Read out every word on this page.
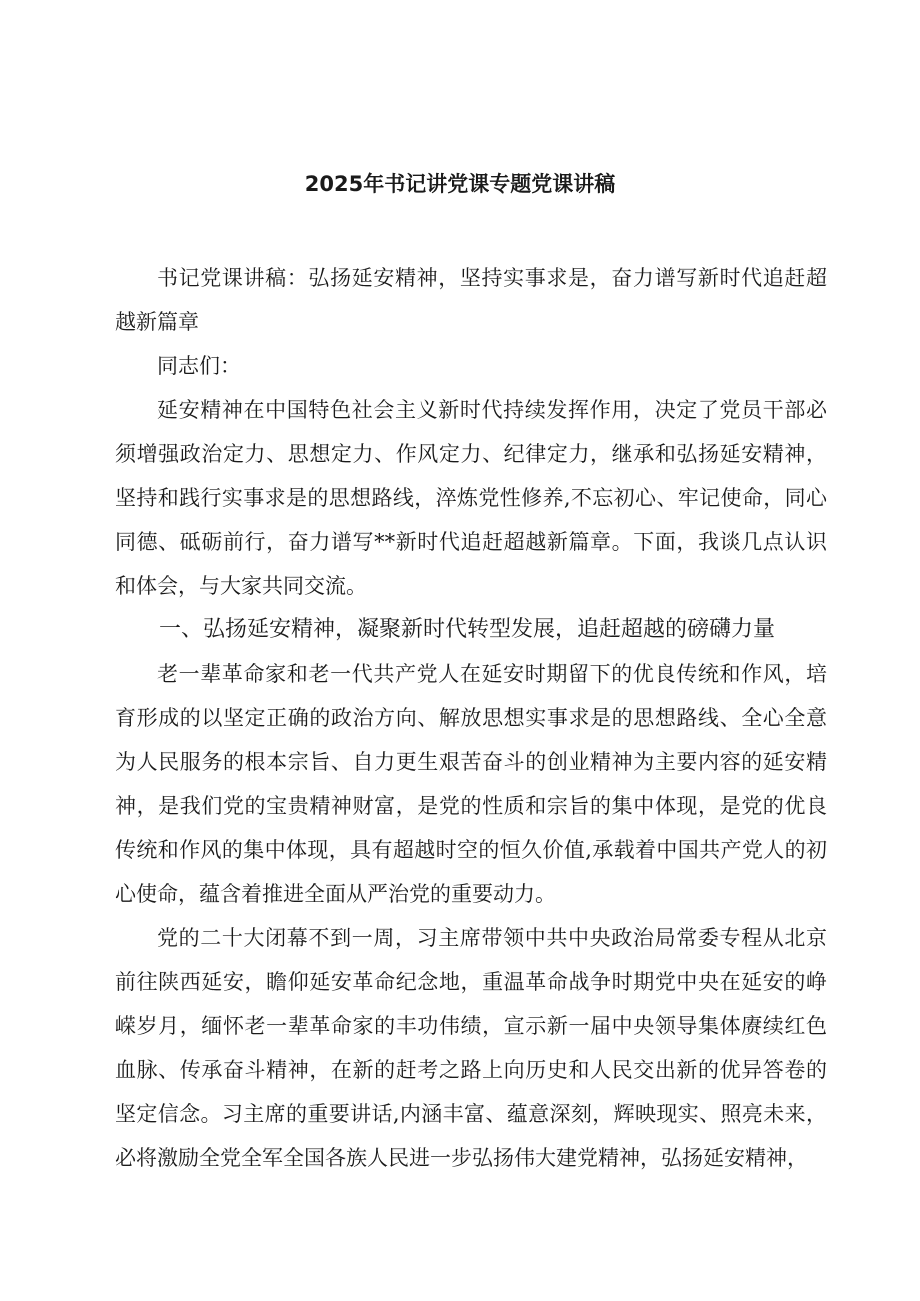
2025年书记讲党课专题党课讲稿

书记党课讲稿：弘扬延安精神，坚持实事求是，奋力谱写新时代追赶超越新篇章

同志们：

延安精神在中国特色社会主义新时代持续发挥作用，决定了党员干部必须增强政治定力、思想定力、作风定力、纪律定力，继承和弘扬延安精神，坚持和践行实事求是的思想路线，淬炼党性修养,不忘初心、牢记使命，同心同德、砥砺前行，奋力谱写**新时代追赶超越新篇章。下面，我谈几点认识和体会，与大家共同交流。

一、弘扬延安精神，凝聚新时代转型发展，追赶超越的磅礴力量

老一辈革命家和老一代共产党人在延安时期留下的优良传统和作风，培育形成的以坚定正确的政治方向、解放思想实事求是的思想路线、全心全意为人民服务的根本宗旨、自力更生艰苦奋斗的创业精神为主要内容的延安精神，是我们党的宝贵精神财富，是党的性质和宗旨的集中体现，是党的优良传统和作风的集中体现，具有超越时空的恒久价值,承载着中国共产党人的初心使命，蕴含着推进全面从严治党的重要动力。

党的二十大闭幕不到一周，习主席带领中共中央政治局常委专程从北京前往陕西延安，瞻仰延安革命纪念地，重温革命战争时期党中央在延安的峥嵘岁月，缅怀老一辈革命家的丰功伟绩，宣示新一届中央领导集体赓续红色血脉、传承奋斗精神，在新的赶考之路上向历史和人民交出新的优异答卷的坚定信念。习主席的重要讲话,内涵丰富、蕴意深刻，辉映现实、照亮未来，必将激励全党全军全国各族人民进一步弘扬伟大建党精神，弘扬延安精神，
